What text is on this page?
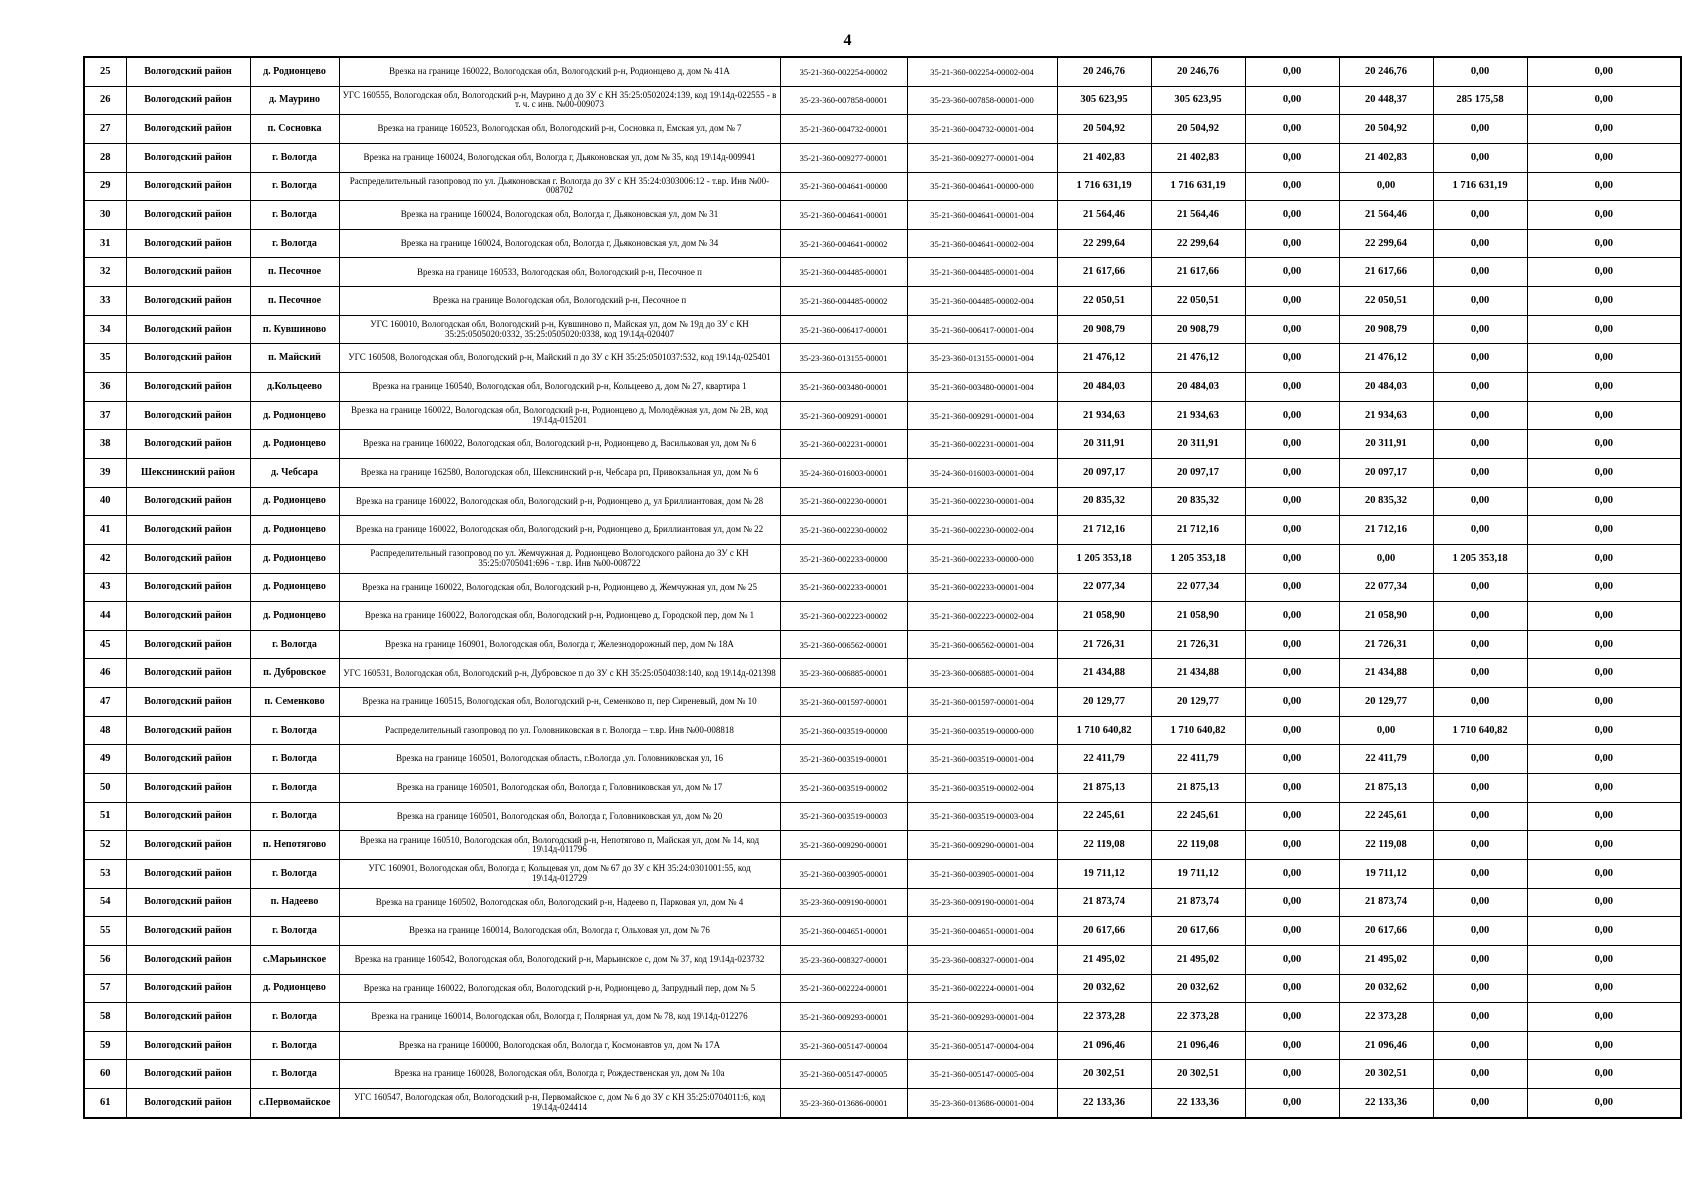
4
25	Вологодский район	д. Родионцево	Врезка на границе 160022, Вологодская обл, Вологодский р-н, Родионцево д, дом № 41А	35-21-360-002254-00002	35-21-360-002254-00002-004	20 246,76	20 246,76	0,00	20 246,76	0,00	0,00
26	Вологодский район	д. Маурино	УГС 160555, Вологодская обл, Вологодский р-н, Маурино д до ЗУ с КН 35:25:0502024:139, код 19\14д-022555 - в т. ч. с инв. №00-009073	35-23-360-007858-00001	35-23-360-007858-00001-000	305 623,95	305 623,95	0,00	20 448,37	285 175,58	0,00
27	Вологодский район	п. Сосновка	Врезка на границе 160523, Вологодская обл, Вологодский р-н, Сосновка п, Емская ул, дом № 7	35-21-360-004732-00001	35-21-360-004732-00001-004	20 504,92	20 504,92	0,00	20 504,92	0,00	0,00
28	Вологодский район	г. Вологда	Врезка на границе 160024, Вологодская обл, Вологда г, Дьяконовская ул, дом № 35, код 19\14д-009941	35-21-360-009277-00001	35-21-360-009277-00001-004	21 402,83	21 402,83	0,00	21 402,83	0,00	0,00
29	Вологодский район	г. Вологда	Распределительный газопровод по ул. Дьяконовская г. Вологда до ЗУ с КН 35:24:0303006:12 - т.вр. Инв №00-008702	35-21-360-004641-00000	35-21-360-004641-00000-000	1 716 631,19	1 716 631,19	0,00	0,00	1 716 631,19	0,00
30	Вологодский район	г. Вологда	Врезка на границе 160024, Вологодская обл, Вологда г, Дьяконовская ул, дом № 31	35-21-360-004641-00001	35-21-360-004641-00001-004	21 564,46	21 564,46	0,00	21 564,46	0,00	0,00
31	Вологодский район	г. Вологда	Врезка на границе 160024, Вологодская обл, Вологда г, Дьяконовская ул, дом № 34	35-21-360-004641-00002	35-21-360-004641-00002-004	22 299,64	22 299,64	0,00	22 299,64	0,00	0,00
32	Вологодский район	п. Песочное	Врезка на границе 160533, Вологодская обл, Вологодский р-н, Песочное п	35-21-360-004485-00001	35-21-360-004485-00001-004	21 617,66	21 617,66	0,00	21 617,66	0,00	0,00
33	Вологодский район	п. Песочное	Врезка на границе Вологодская обл, Вологодский р-н, Песочное п	35-21-360-004485-00002	35-21-360-004485-00002-004	22 050,51	22 050,51	0,00	22 050,51	0,00	0,00
34	Вологодский район	п. Кувшиново	УГС 160010, Вологодская обл, Вологодский р-н, Кувшиново п, Майская ул, дом № 19д до ЗУ с КН 35:25:0505020:0332, 35:25:0505020:0338, код 19\14д-020407	35-21-360-006417-00001	35-21-360-006417-00001-004	20 908,79	20 908,79	0,00	20 908,79	0,00	0,00
35	Вологодский район	п. Майский	УГС 160508, Вологодская обл, Вологодский р-н, Майский п до ЗУ с КН 35:25:0501037:532, код 19\14д-025401	35-23-360-013155-00001	35-23-360-013155-00001-004	21 476,12	21 476,12	0,00	21 476,12	0,00	0,00
36	Вологодский район	д.Кольцеево	Врезка на границе 160540, Вологодская обл, Вологодский р-н, Кольцеево д, дом № 27, квартира 1	35-21-360-003480-00001	35-21-360-003480-00001-004	20 484,03	20 484,03	0,00	20 484,03	0,00	0,00
37	Вологодский район	д. Родионцево	Врезка на границе 160022, Вологодская обл, Вологодский р-н, Родионцево д, Молодёжная ул, дом № 2В, код 19\14д-015201	35-21-360-009291-00001	35-21-360-009291-00001-004	21 934,63	21 934,63	0,00	21 934,63	0,00	0,00
38	Вологодский район	д. Родионцево	Врезка на границе 160022, Вологодская обл, Вологодский р-н, Родионцево д, Васильковая ул, дом № 6	35-21-360-002231-00001	35-21-360-002231-00001-004	20 311,91	20 311,91	0,00	20 311,91	0,00	0,00
39	Шекснинский район	д. Чебсара	Врезка на границе 162580, Вологодская обл, Шекснинский р-н, Чебсара рп, Привокзальная ул, дом № 6	35-24-360-016003-00001	35-24-360-016003-00001-004	20 097,17	20 097,17	0,00	20 097,17	0,00	0,00
40	Вологодский район	д. Родионцево	Врезка на границе 160022, Вологодская обл, Вологодский р-н, Родионцево д, ул Бриллиантовая, дом № 28	35-21-360-002230-00001	35-21-360-002230-00001-004	20 835,32	20 835,32	0,00	20 835,32	0,00	0,00
41	Вологодский район	д. Родионцево	Врезка на границе 160022, Вологодская обл, Вологодский р-н, Родионцево д, Бриллиантовая ул, дом № 22	35-21-360-002230-00002	35-21-360-002230-00002-004	21 712,16	21 712,16	0,00	21 712,16	0,00	0,00
42	Вологодский район	д. Родионцево	Распределительный газопровод по ул. Жемчужная д. Родионцево Вологодского района до ЗУ с КН 35:25:0705041:696 - т.вр. Инв №00-008722	35-21-360-002233-00000	35-21-360-002233-00000-000	1 205 353,18	1 205 353,18	0,00	0,00	1 205 353,18	0,00
43	Вологодский район	д. Родионцево	Врезка на границе 160022, Вологодская обл, Вологодский р-н, Родионцево д, Жемчужная ул, дом № 25	35-21-360-002233-00001	35-21-360-002233-00001-004	22 077,34	22 077,34	0,00	22 077,34	0,00	0,00
44	Вологодский район	д. Родионцево	Врезка на границе 160022, Вологодская обл, Вологодский р-н, Родионцево д, Городской пер, дом № 1	35-21-360-002223-00002	35-21-360-002223-00002-004	21 058,90	21 058,90	0,00	21 058,90	0,00	0,00
45	Вологодский район	г. Вологда	Врезка на границе 160901, Вологодская обл, Вологда г, Железнодорожный пер, дом № 18А	35-21-360-006562-00001	35-21-360-006562-00001-004	21 726,31	21 726,31	0,00	21 726,31	0,00	0,00
46	Вологодский район	п. Дубровское	УГС 160531, Вологодская обл, Вологодский р-н, Дубровское п до ЗУ с КН 35:25:0504038:140, код 19\14д-021398	35-23-360-006885-00001	35-23-360-006885-00001-004	21 434,88	21 434,88	0,00	21 434,88	0,00	0,00
47	Вологодский район	п. Семенково	Врезка на границе 160515, Вологодская обл, Вологодский р-н, Семенково п, пер Сиреневый, дом № 10	35-21-360-001597-00001	35-21-360-001597-00001-004	20 129,77	20 129,77	0,00	20 129,77	0,00	0,00
48	Вологодский район	г. Вологда	Распределительный газопровод по ул. Головниковская в г. Вологда – т.вр. Инв №00-008818	35-21-360-003519-00000	35-21-360-003519-00000-000	1 710 640,82	1 710 640,82	0,00	0,00	1 710 640,82	0,00
49	Вологодский район	г. Вологда	Врезка на границе 160501, Вологодская область, г.Вологда ,ул. Головниковская ул, 16	35-21-360-003519-00001	35-21-360-003519-00001-004	22 411,79	22 411,79	0,00	22 411,79	0,00	0,00
50	Вологодский район	г. Вологда	Врезка на границе 160501, Вологодская обл, Вологда г, Головниковская ул, дом № 17	35-21-360-003519-00002	35-21-360-003519-00002-004	21 875,13	21 875,13	0,00	21 875,13	0,00	0,00
51	Вологодский район	г. Вологда	Врезка на границе 160501, Вологодская обл, Вологда г, Головниковская ул, дом № 20	35-21-360-003519-00003	35-21-360-003519-00003-004	22 245,61	22 245,61	0,00	22 245,61	0,00	0,00
52	Вологодский район	п. Непотягово	Врезка на границе 160510, Вологодская обл, Вологодский р-н, Непотягово п, Майская ул, дом № 14, код 19\14д-011796	35-21-360-009290-00001	35-21-360-009290-00001-004	22 119,08	22 119,08	0,00	22 119,08	0,00	0,00
53	Вологодский район	г. Вологда	УГС 160901, Вологодская обл, Вологда г, Кольцевая ул, дом № 67 до ЗУ с КН 35:24:0301001:55, код 19\14д-012729	35-21-360-003905-00001	35-21-360-003905-00001-004	19 711,12	19 711,12	0,00	19 711,12	0,00	0,00
54	Вологодский район	п. Надеево	Врезка на границе 160502, Вологодская обл, Вологодский р-н, Надеево п, Парковая ул, дом № 4	35-23-360-009190-00001	35-23-360-009190-00001-004	21 873,74	21 873,74	0,00	21 873,74	0,00	0,00
55	Вологодский район	г. Вологда	Врезка на границе 160014, Вологодская обл, Вологда г, Ольховая ул, дом № 76	35-21-360-004651-00001	35-21-360-004651-00001-004	20 617,66	20 617,66	0,00	20 617,66	0,00	0,00
56	Вологодский район	с.Марьинское	Врезка на границе 160542, Вологодская обл, Вологодский р-н, Марьинское с, дом № 37, код 19\14д-023732	35-23-360-008327-00001	35-23-360-008327-00001-004	21 495,02	21 495,02	0,00	21 495,02	0,00	0,00
57	Вологодский район	д. Родионцево	Врезка на границе 160022, Вологодская обл, Вологодский р-н, Родионцево д, Запрудный пер, дом № 5	35-21-360-002224-00001	35-21-360-002224-00001-004	20 032,62	20 032,62	0,00	20 032,62	0,00	0,00
58	Вологодский район	г. Вологда	Врезка на границе 160014, Вологодская обл, Вологда г, Полярная ул, дом № 78, код 19\14д-012276	35-21-360-009293-00001	35-21-360-009293-00001-004	22 373,28	22 373,28	0,00	22 373,28	0,00	0,00
59	Вологодский район	г. Вологда	Врезка на границе 160000, Вологодская обл, Вологда г, Космонавтов ул, дом № 17А	35-21-360-005147-00004	35-21-360-005147-00004-004	21 096,46	21 096,46	0,00	21 096,46	0,00	0,00
60	Вологодский район	г. Вологда	Врезка на границе 160028, Вологодская обл, Вологда г, Рождественская ул, дом № 10а	35-21-360-005147-00005	35-21-360-005147-00005-004	20 302,51	20 302,51	0,00	20 302,51	0,00	0,00
61	Вологодский район	с.Первомайское	УГС 160547, Вологодская обл, Вологодский р-н, Первомайское с, дом № 6 до ЗУ с КН 35:25:0704011:6, код 19\14д-024414	35-23-360-013686-00001	35-23-360-013686-00001-004	22 133,36	22 133,36	0,00	22 133,36	0,00	0,00
